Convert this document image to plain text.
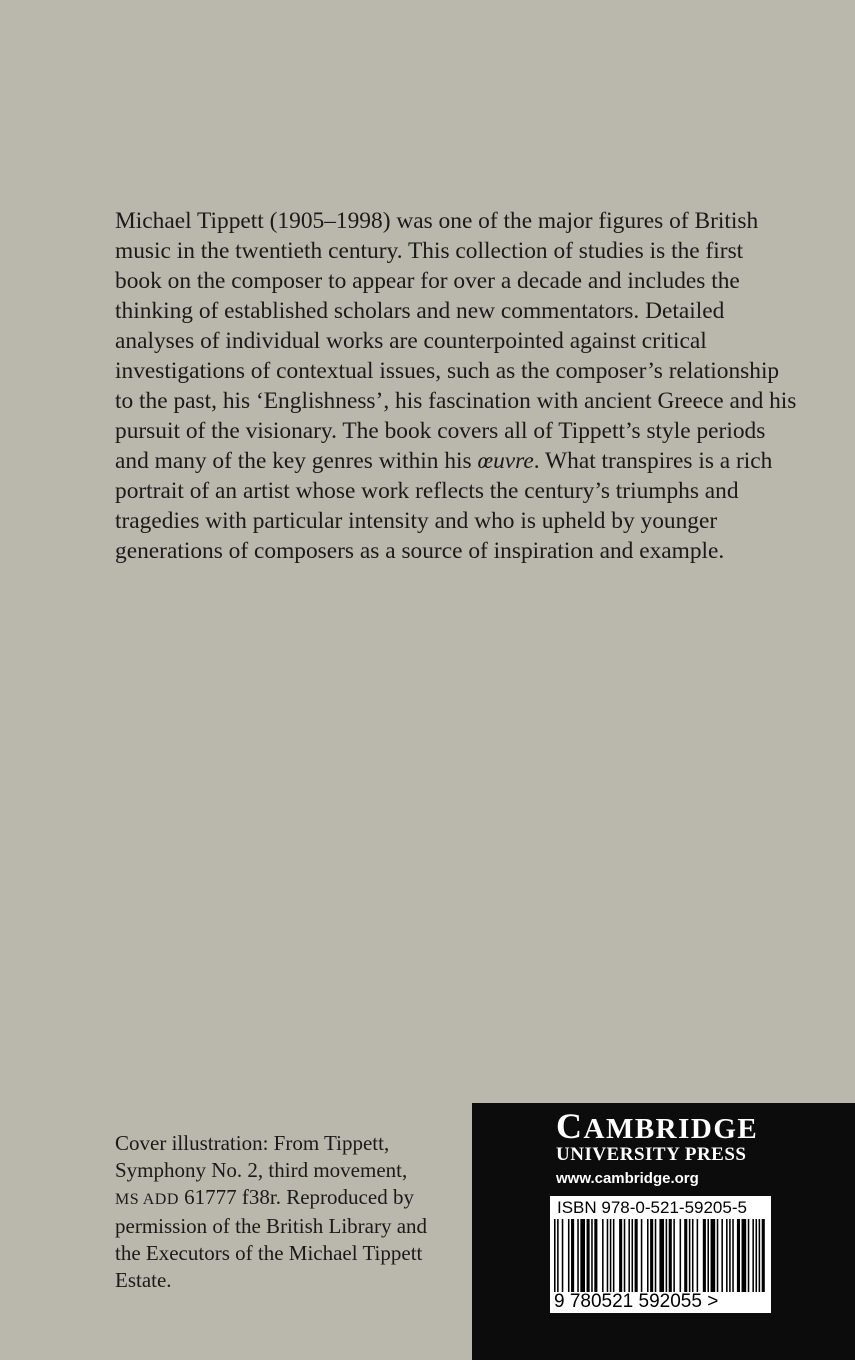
Michael Tippett (1905–1998) was one of the major figures of British
music in the twentieth century. This collection of studies is the first
book on the composer to appear for over a decade and includes the
thinking of established scholars and new commentators. Detailed
analyses of individual works are counterpointed against critical
investigations of contextual issues, such as the composer’s relationship
to the past, his ‘Englishness’, his fascination with ancient Greece and his
pursuit of the visionary. The book covers all of Tippett’s style periods
and many of the key genres within his œuvre. What transpires is a rich
portrait of an artist whose work reflects the century’s triumphs and
tragedies with particular intensity and who is upheld by younger
generations of composers as a source of inspiration and example.
Cover illustration: From Tippett,
Symphony No. 2, third movement,
MS ADD 61777 f38r. Reproduced by
permission of the British Library and
the Executors of the Michael Tippett
Estate.
CAMBRIDGE
UNIVERSITY PRESS
www.cambridge.org
ISBN 978-0-521-59205-5
9 780521 592055 >
